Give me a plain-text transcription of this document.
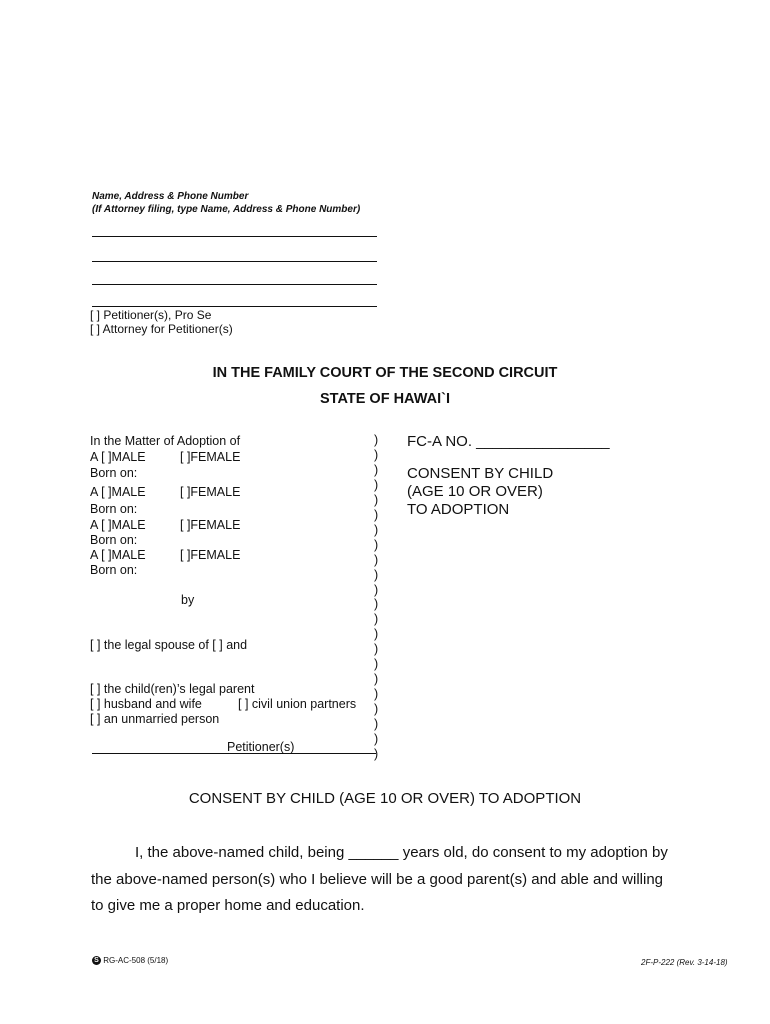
Name, Address & Phone Number
(If Attorney filing, type Name, Address & Phone Number)
[ ] Petitioner(s), Pro Se
[ ] Attorney for Petitioner(s)
IN THE FAMILY COURT OF THE SECOND CIRCUIT
STATE OF HAWAI`I
In the Matter of Adoption of
A [ ]MALE	[ ]FEMALE
Born on:
A [ ]MALE	[ ]FEMALE
Born on:
A [ ]MALE	[ ]FEMALE
Born on:
A [ ]MALE	[ ]FEMALE
Born on:
by
[ ] the legal spouse of [ ] and
[ ] the child(ren)’s legal parent
[ ] husband and wife	[ ] civil union partners
[ ] an unmarried person
Petitioner(s)
)
)
)
)
)
)
)
)
)
)
)
)
)
)
)
)
)
)
)
)
)
)
FC-A NO. ________________
CONSENT BY CHILD
(AGE 10 OR OVER)
TO ADOPTION
CONSENT BY CHILD (AGE 10 OR OVER) TO ADOPTION
I, the above-named child, being ______ years old, do consent to my adoption by
the above-named person(s) who I believe will be a good parent(s) and able and willing
to give me a proper home and education.
S RG-AC-508 (5/18)	2F-P-222 (Rev. 3-14-18)
